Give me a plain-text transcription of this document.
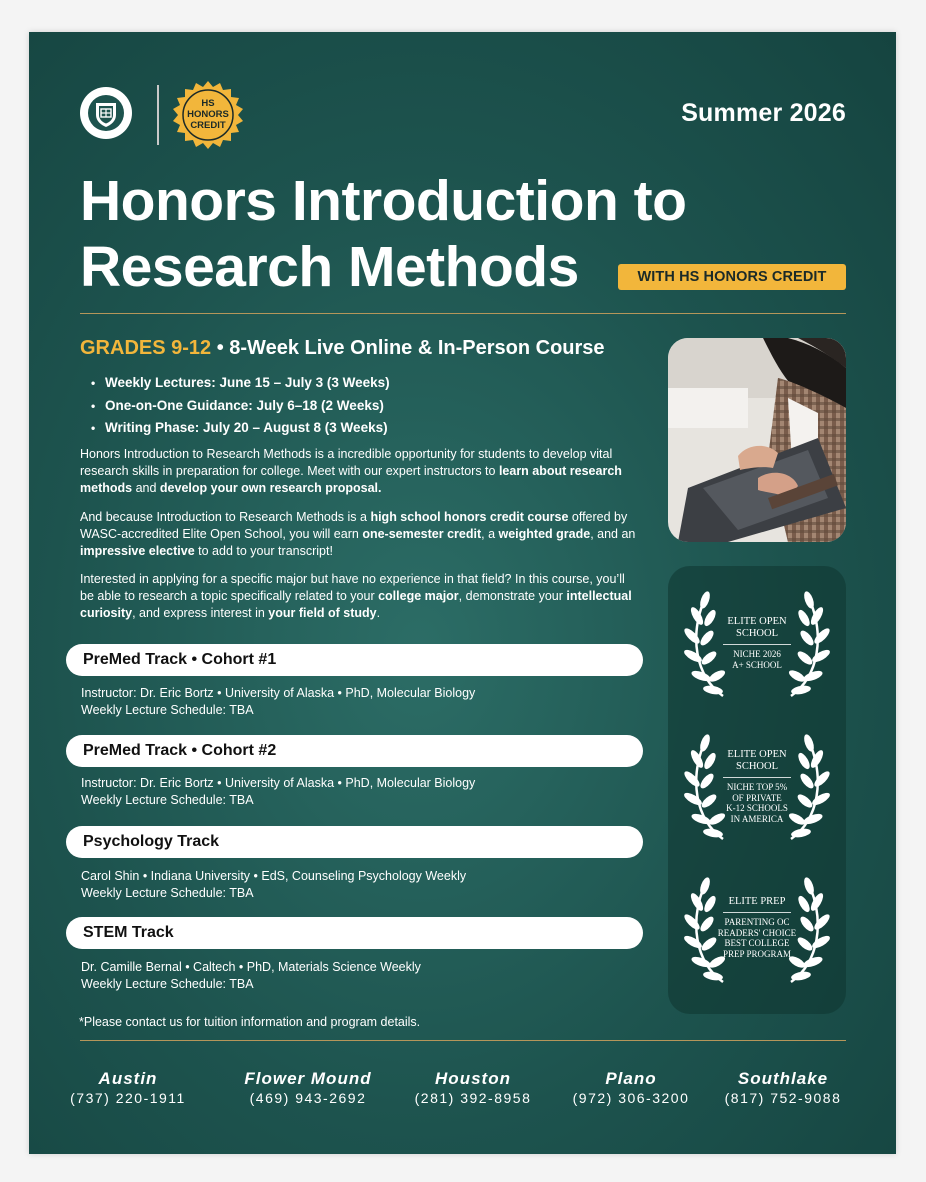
HS
HONORS
CREDIT	Summer 2026
Honors Introduction to
Research Methods	WITH HS HONORS CREDIT
GRADES 9-12 • 8-Week Live Online & In-Person Course
• Weekly Lectures: June 15 – July 3 (3 Weeks)
• One-on-One Guidance: July 6–18 (2 Weeks)
• Writing Phase: July 20 – August 8 (3 Weeks)

Honors Introduction to Research Methods is a incredible opportunity for students to develop vital research skills in preparation for college. Meet with our expert instructors to learn about research methods and develop your own research proposal.

And because Introduction to Research Methods is a high school honors credit course offered by WASC-accredited Elite Open School, you will earn one-semester credit, a weighted grade, and an impressive elective to add to your transcript!

Interested in applying for a specific major but have no experience in that field? In this course, you’ll be able to research a topic specifically related to your college major, demonstrate your intellectual curiosity, and express interest in your field of study.

PreMed Track • Cohort #1
Instructor: Dr. Eric Bortz • University of Alaska • PhD, Molecular Biology
Weekly Lecture Schedule: TBA
PreMed Track • Cohort #2
Instructor: Dr. Eric Bortz • University of Alaska • PhD, Molecular Biology
Weekly Lecture Schedule: TBA
Psychology Track
Carol Shin • Indiana University • EdS, Counseling Psychology Weekly
Weekly Lecture Schedule: TBA
STEM Track
Dr. Camille Bernal • Caltech • PhD, Materials Science Weekly
Weekly Lecture Schedule: TBA
*Please contact us for tuition information and program details.
Austin
(737) 220-1911
Flower Mound
(469) 943-2692
Houston
(281) 392-8958
Plano
(972) 306-3200
Southlake
(817) 752-9088
ELITE OPEN
SCHOOL
NICHE 2026
A+ SCHOOL
ELITE OPEN
SCHOOL
NICHE TOP 5%
OF PRIVATE
K-12 SCHOOLS
IN AMERICA
ELITE PREP
PARENTING OC
READERS' CHOICE
BEST COLLEGE
PREP PROGRAM
